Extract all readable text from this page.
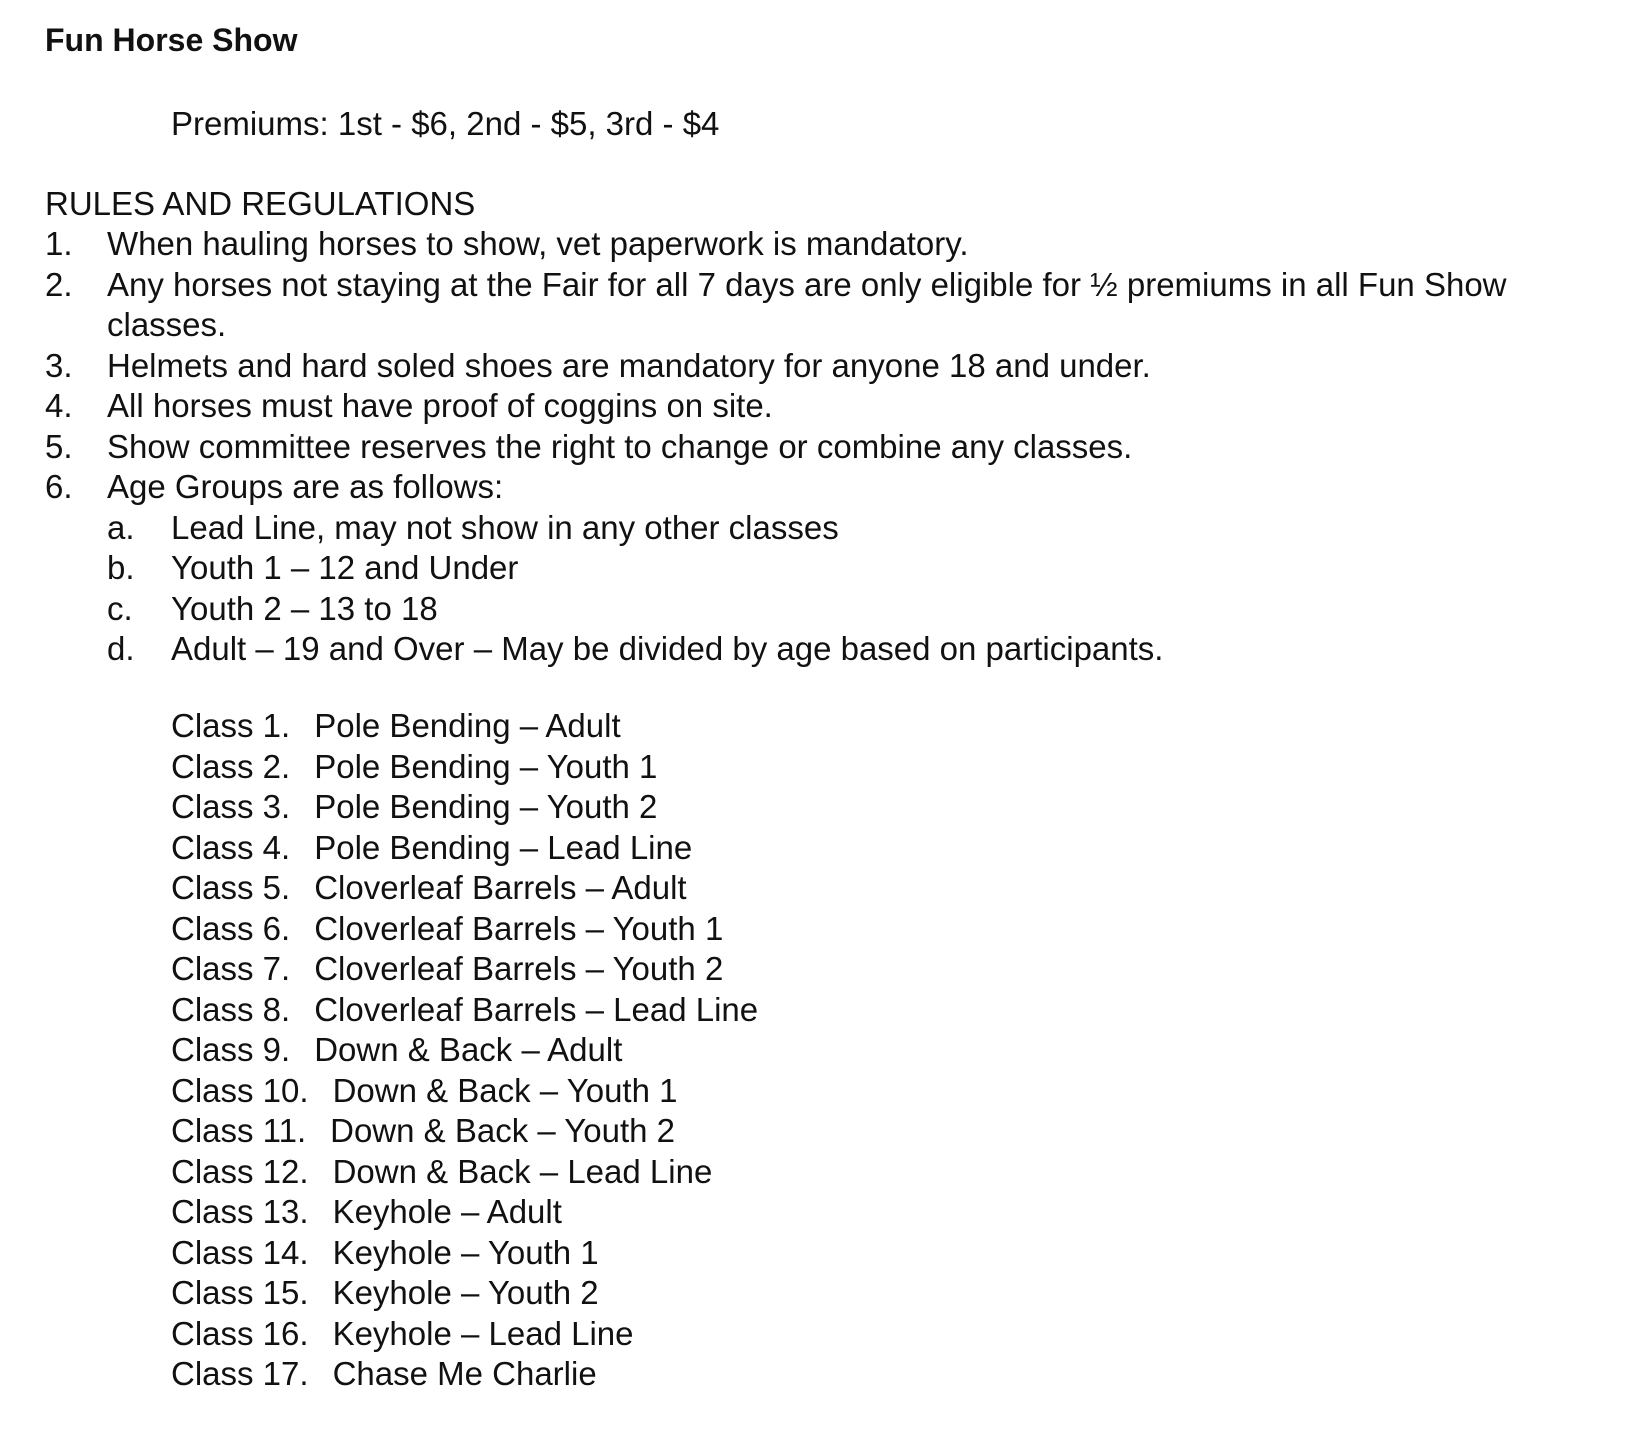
Fun Horse Show
Premiums: 1st - $6, 2nd - $5, 3rd - $4
RULES AND REGULATIONS
1.	When hauling horses to show, vet paperwork is mandatory.
2.	Any horses not staying at the Fair for all 7 days are only eligible for ½ premiums in all Fun Show classes.
3.	Helmets and hard soled shoes are mandatory for anyone 18 and under.
4.	All horses must have proof of coggins on site.
5.	Show committee reserves the right to change or combine any classes.
6.	Age Groups are as follows:
a.	Lead Line, may not show in any other classes
b.	Youth 1 – 12 and Under
c.	Youth 2 – 13 to 18
d.	Adult – 19 and Over – May be divided by age based on participants.
Class 1. Pole Bending – Adult
Class 2. Pole Bending – Youth 1
Class 3. Pole Bending – Youth 2
Class 4. Pole Bending – Lead Line
Class 5. Cloverleaf Barrels – Adult
Class 6. Cloverleaf Barrels – Youth 1
Class 7. Cloverleaf Barrels – Youth 2
Class 8. Cloverleaf Barrels – Lead Line
Class 9. Down & Back – Adult
Class 10. Down & Back – Youth 1
Class 11. Down & Back – Youth 2
Class 12. Down & Back – Lead Line
Class 13. Keyhole – Adult
Class 14. Keyhole – Youth 1
Class 15. Keyhole – Youth 2
Class 16. Keyhole – Lead Line
Class 17. Chase Me Charlie
